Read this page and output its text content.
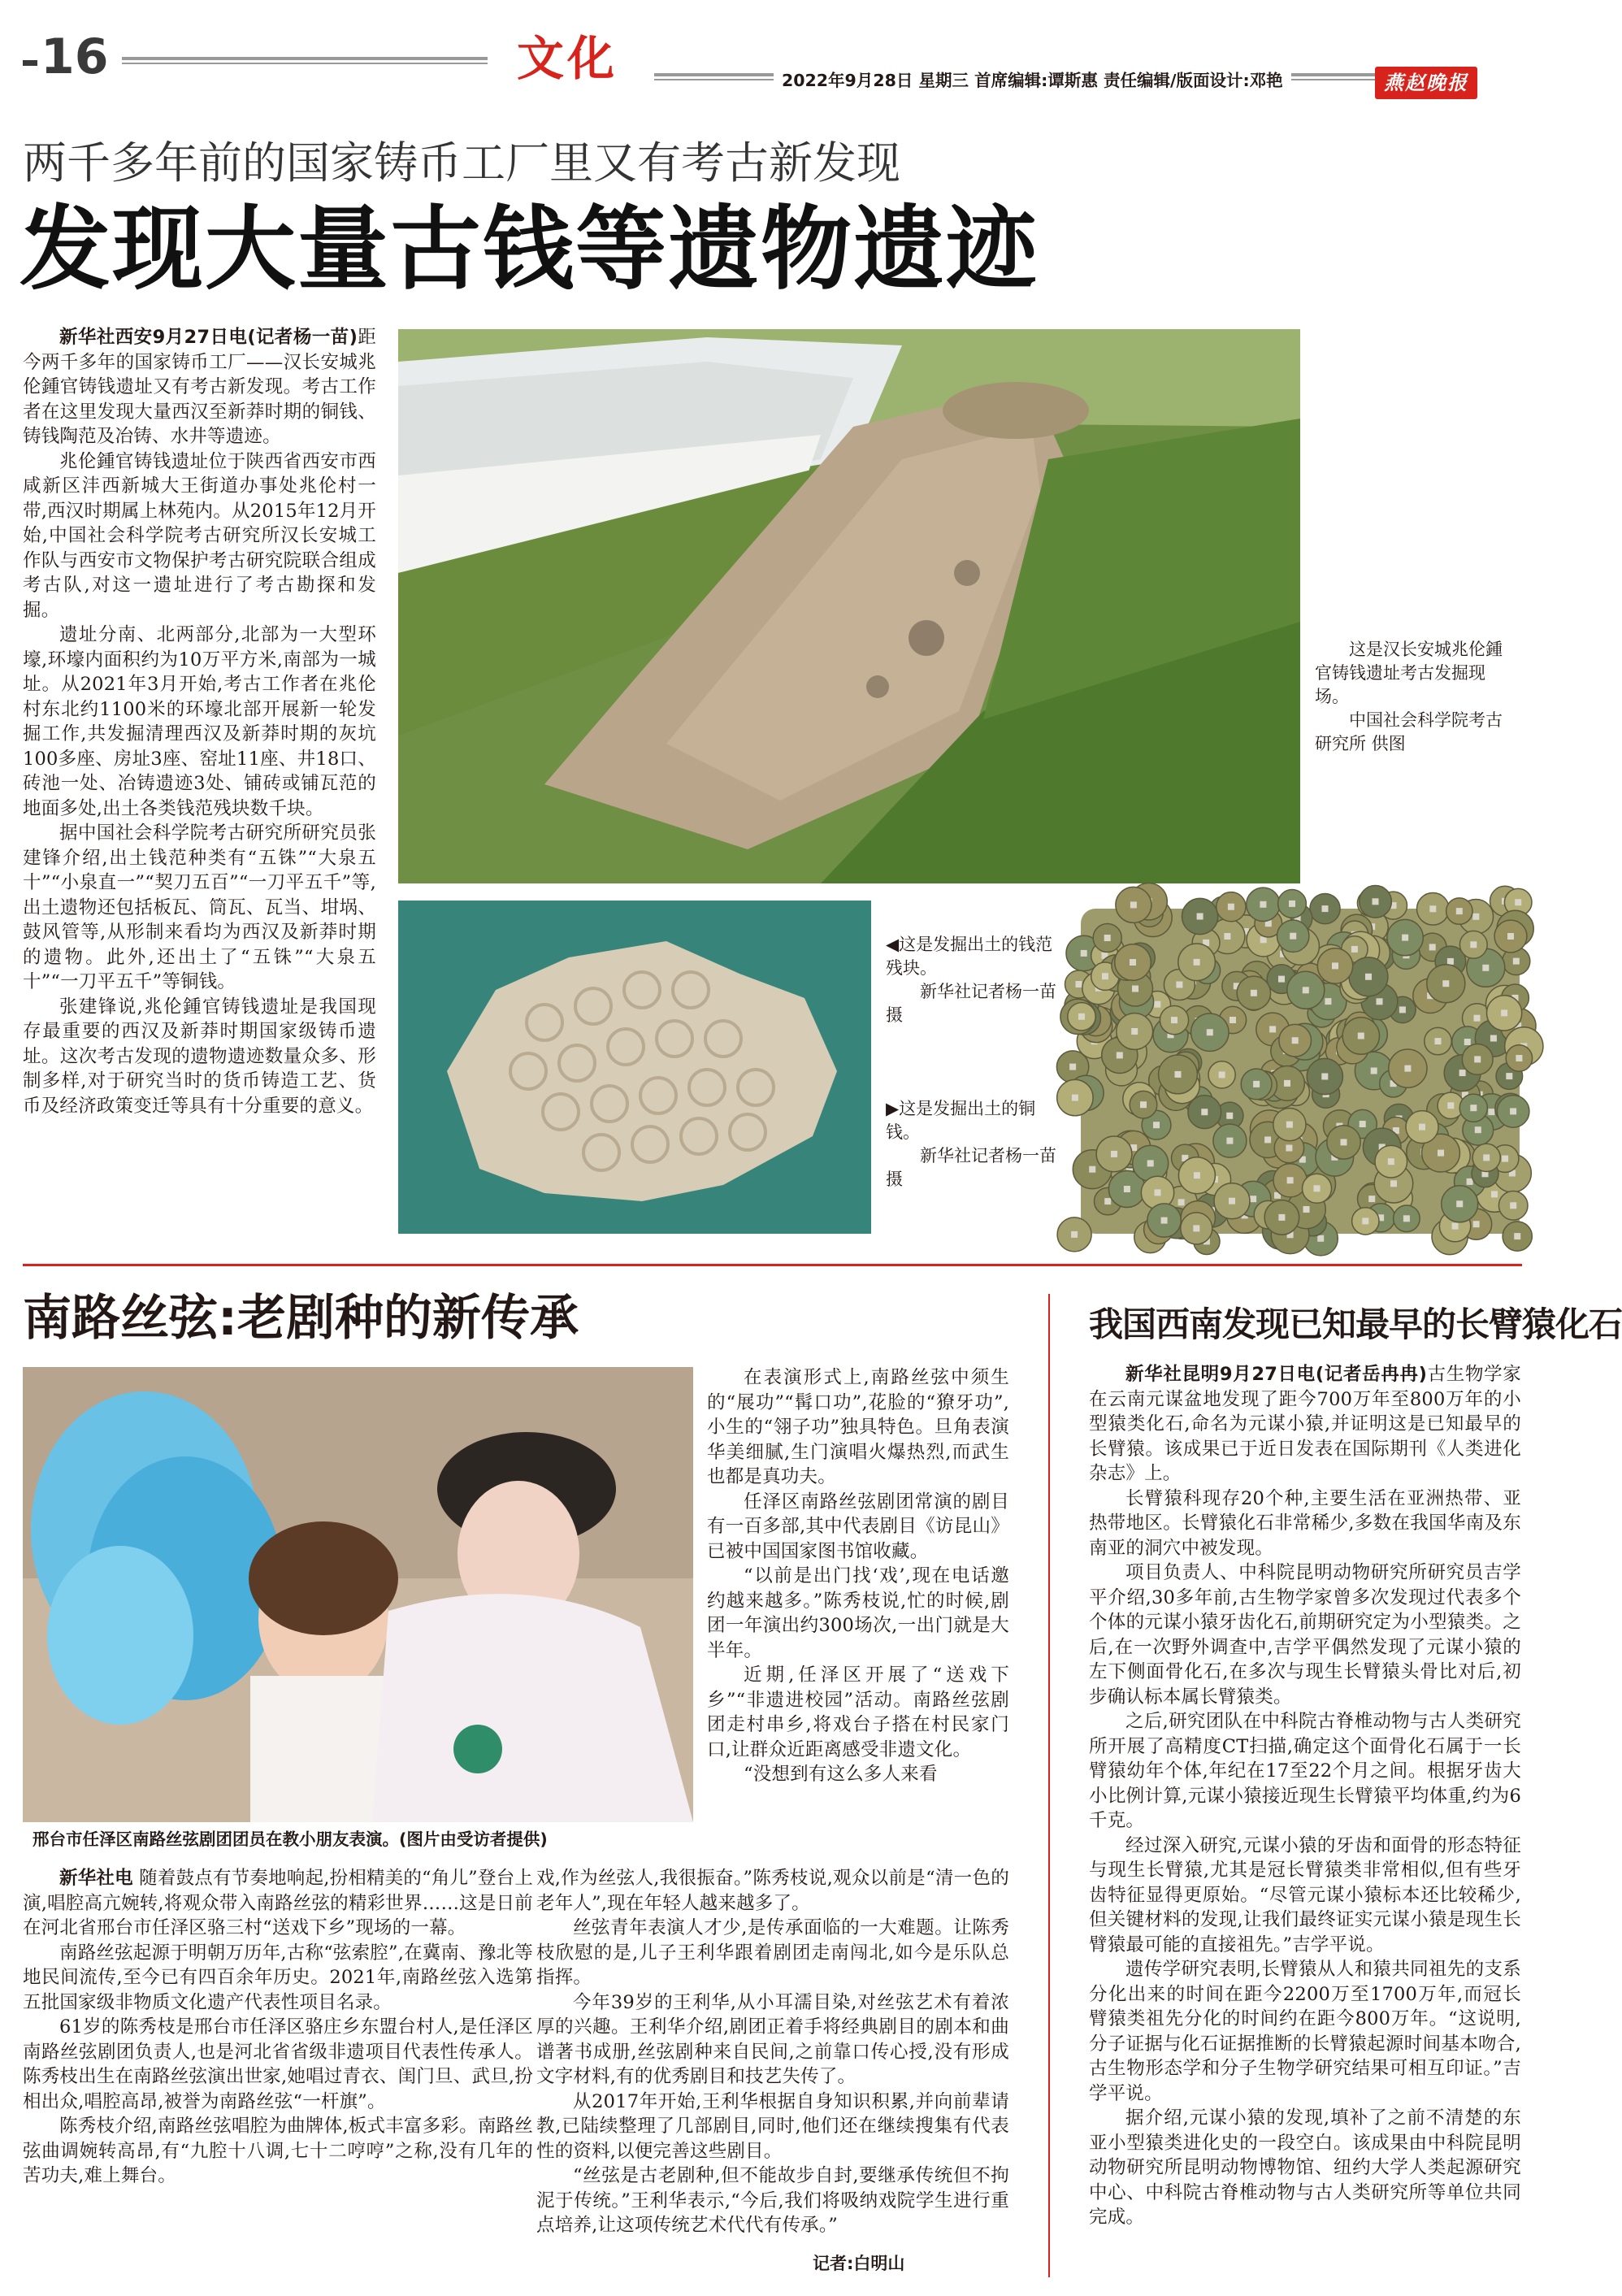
16	文化	2022年9月28日 星期三 首席编辑:谭斯惠 责任编辑/版面设计:邓艳	燕赵晚报
两千多年前的国家铸币工厂里又有考古新发现
发现大量古钱等遗物遗迹

新华社西安9月27日电(记者杨一苗)距今两千多年的国家铸币工厂——汉长安城兆伦鍾官铸钱遗址又有考古新发现。考古工作者在这里发现大量西汉至新莽时期的铜钱、铸钱陶范及冶铸、水井等遗迹。

兆伦鍾官铸钱遗址位于陕西省西安市西咸新区沣西新城大王街道办事处兆伦村一带,西汉时期属上林苑内。从2015年12月开始,中国社会科学院考古研究所汉长安城工作队与西安市文物保护考古研究院联合组成考古队,对这一遗址进行了考古勘探和发掘。

遗址分南、北两部分,北部为一大型环壕,环壕内面积约为10万平方米,南部为一城址。从2021年3月开始,考古工作者在兆伦村东北约1100米的环壕北部开展新一轮发掘工作,共发掘清理西汉及新莽时期的灰坑100多座、房址3座、窑址11座、井18口、砖池一处、冶铸遗迹3处、铺砖或铺瓦范的地面多处,出土各类钱范残块数千块。

据中国社会科学院考古研究所研究员张建锋介绍,出土钱范种类有“五铢”“大泉五十”“小泉直一”“契刀五百”“一刀平五千”等,出土遗物还包括板瓦、筒瓦、瓦当、坩埚、鼓风管等,从形制来看均为西汉及新莽时期的遗物。此外,还出土了“五铢”“大泉五十”“一刀平五千”等铜钱。

张建锋说,兆伦鍾官铸钱遗址是我国现存最重要的西汉及新莽时期国家级铸币遗址。这次考古发现的遗物遗迹数量众多、形制多样,对于研究当时的货币铸造工艺、货币及经济政策变迁等具有十分重要的意义。

这是汉长安城兆伦鍾官铸钱遗址考古发掘现场。
中国社会科学院考古研究所 供图
◀这是发掘出土的钱范残块。
新华社记者杨一苗摄
▶这是发掘出土的铜钱。
新华社记者杨一苗摄
南路丝弦:老剧种的新传承
邢台市任泽区南路丝弦剧团团员在教小朋友表演。(图片由受访者提供)

新华社电 随着鼓点有节奏地响起,扮相精美的“角儿”登台上演,唱腔高亢婉转,将观众带入南路丝弦的精彩世界……这是日前在河北省邢台市任泽区骆三村“送戏下乡”现场的一幕。

南路丝弦起源于明朝万历年,古称“弦索腔”,在冀南、豫北等地民间流传,至今已有四百余年历史。2021年,南路丝弦入选第五批国家级非物质文化遗产代表性项目名录。

61岁的陈秀枝是邢台市任泽区骆庄乡东盟台村人,是任泽区南路丝弦剧团负责人,也是河北省省级非遗项目代表性传承人。陈秀枝出生在南路丝弦演出世家,她唱过青衣、闺门旦、武旦,扮相出众,唱腔高昂,被誉为南路丝弦“一杆旗”。

陈秀枝介绍,南路丝弦唱腔为曲牌体,板式丰富多彩。南路丝弦曲调婉转高昂,有“九腔十八调,七十二哼哼”之称,没有几年的苦功夫,难上舞台。

在表演形式上,南路丝弦中须生的“展功”“髯口功”,花脸的“獠牙功”,小生的“翎子功”独具特色。旦角表演华美细腻,生门演唱火爆热烈,而武生也都是真功夫。

任泽区南路丝弦剧团常演的剧目有一百多部,其中代表剧目《访昆山》已被中国国家图书馆收藏。

“以前是出门找‘戏’,现在电话邀约越来越多。”陈秀枝说,忙的时候,剧团一年演出约300场次,一出门就是大半年。

近期,任泽区开展了“送戏下乡”“非遗进校园”活动。南路丝弦剧团走村串乡,将戏台子搭在村民家门口,让群众近距离感受非遗文化。

“没想到有这么多人来看

戏,作为丝弦人,我很振奋。”陈秀枝说,观众以前是“清一色的老年人”,现在年轻人越来越多了。

丝弦青年表演人才少,是传承面临的一大难题。让陈秀枝欣慰的是,儿子王利华跟着剧团走南闯北,如今是乐队总指挥。

今年39岁的王利华,从小耳濡目染,对丝弦艺术有着浓厚的兴趣。王利华介绍,剧团正着手将经典剧目的剧本和曲谱著书成册,丝弦剧种来自民间,之前靠口传心授,没有形成文字材料,有的优秀剧目和技艺失传了。

从2017年开始,王利华根据自身知识积累,并向前辈请教,已陆续整理了几部剧目,同时,他们还在继续搜集有代表性的资料,以便完善这些剧目。

“丝弦是古老剧种,但不能故步自封,要继承传统但不拘泥于传统。”王利华表示,“今后,我们将吸纳戏院学生进行重点培养,让这项传统艺术代代有传承。”

记者:白明山
我国西南发现已知最早的长臂猿化石

新华社昆明9月27日电(记者岳冉冉)古生物学家在云南元谋盆地发现了距今700万年至800万年的小型猿类化石,命名为元谋小猿,并证明这是已知最早的长臂猿。该成果已于近日发表在国际期刊《人类进化杂志》上。

长臂猿科现存20个种,主要生活在亚洲热带、亚热带地区。长臂猿化石非常稀少,多数在我国华南及东南亚的洞穴中被发现。

项目负责人、中科院昆明动物研究所研究员吉学平介绍,30多年前,古生物学家曾多次发现过代表多个个体的元谋小猿牙齿化石,前期研究定为小型猿类。之后,在一次野外调查中,吉学平偶然发现了元谋小猿的左下侧面骨化石,在多次与现生长臂猿头骨比对后,初步确认标本属长臂猿类。

之后,研究团队在中科院古脊椎动物与古人类研究所开展了高精度CT扫描,确定这个面骨化石属于一长臂猿幼年个体,年纪在17至22个月之间。根据牙齿大小比例计算,元谋小猿接近现生长臂猿平均体重,约为6千克。

经过深入研究,元谋小猿的牙齿和面骨的形态特征与现生长臂猿,尤其是冠长臂猿类非常相似,但有些牙齿特征显得更原始。“尽管元谋小猿标本还比较稀少,但关键材料的发现,让我们最终证实元谋小猿是现生长臂猿最可能的直接祖先。”吉学平说。

遗传学研究表明,长臂猿从人和猿共同祖先的支系分化出来的时间在距今2200万至1700万年,而冠长臂猿类祖先分化的时间约在距今800万年。“这说明,分子证据与化石证据推断的长臂猿起源时间基本吻合,古生物形态学和分子生物学研究结果可相互印证。”吉学平说。

据介绍,元谋小猿的发现,填补了之前不清楚的东亚小型猿类进化史的一段空白。该成果由中科院昆明动物研究所昆明动物博物馆、纽约大学人类起源研究中心、中科院古脊椎动物与古人类研究所等单位共同完成。
